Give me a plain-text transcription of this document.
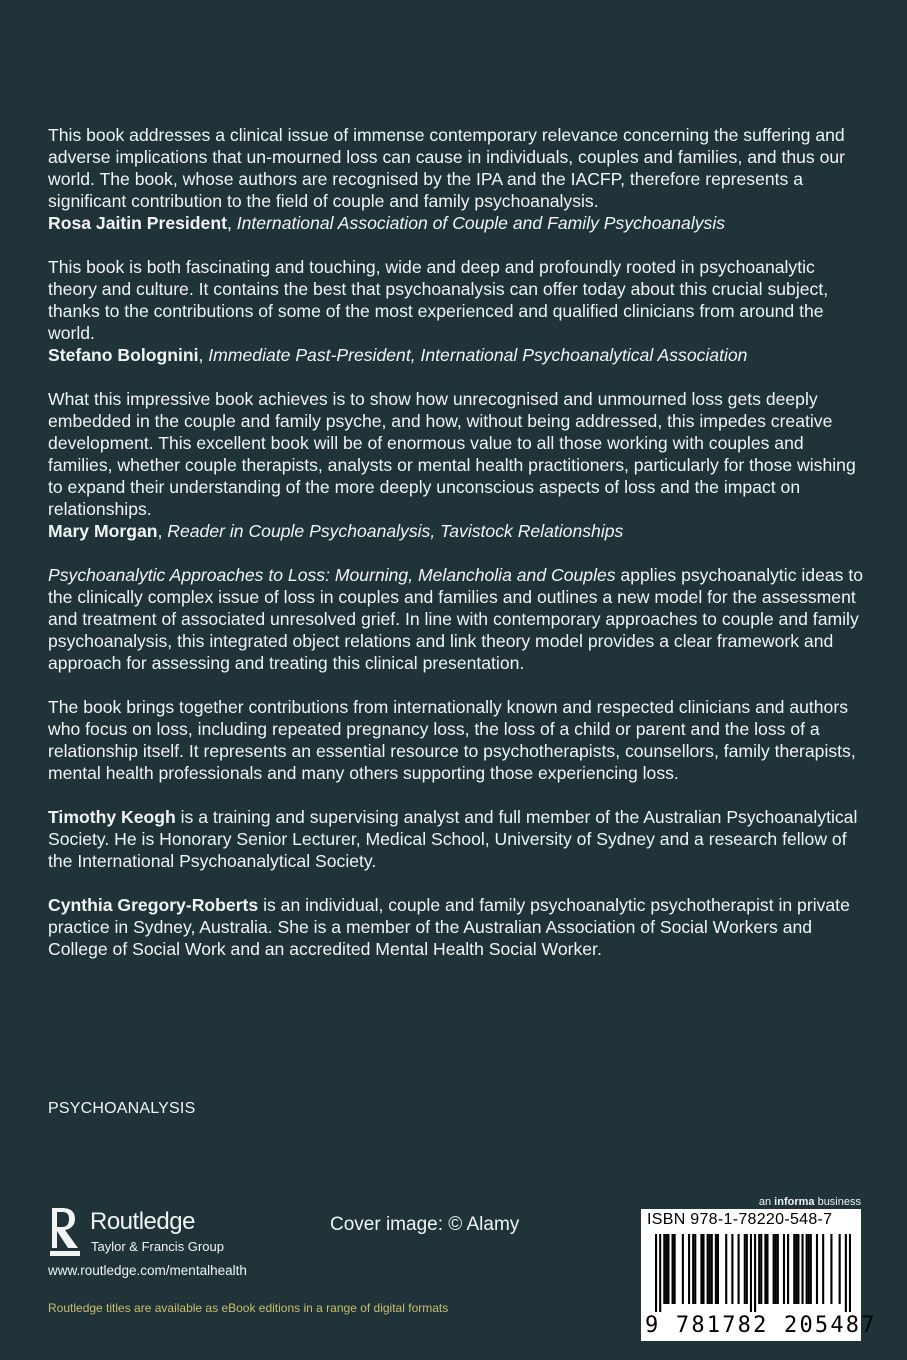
This book addresses a clinical issue of immense contemporary relevance concerning the suffering and adverse implications that un-mourned loss can cause in individuals, couples and families, and thus our world. The book, whose authors are recognised by the IPA and the IACFP, therefore represents a significant contribution to the field of couple and family psychoanalysis.
Rosa Jaitin President, International Association of Couple and Family Psychoanalysis

This book is both fascinating and touching, wide and deep and profoundly rooted in psychoanalytic theory and culture. It contains the best that psychoanalysis can offer today about this crucial subject, thanks to the contributions of some of the most experienced and qualified clinicians from around the world.
Stefano Bolognini, Immediate Past-President, International Psychoanalytical Association

What this impressive book achieves is to show how unrecognised and unmourned loss gets deeply embedded in the couple and family psyche, and how, without being addressed, this impedes creative development. This excellent book will be of enormous value to all those working with couples and families, whether couple therapists, analysts or mental health practitioners, particularly for those wishing to expand their understanding of the more deeply unconscious aspects of loss and the impact on relationships.
Mary Morgan, Reader in Couple Psychoanalysis, Tavistock Relationships

Psychoanalytic Approaches to Loss: Mourning, Melancholia and Couples applies psychoanalytic ideas to the clinically complex issue of loss in couples and families and outlines a new model for the assessment and treatment of associated unresolved grief. In line with contemporary approaches to couple and family psychoanalysis, this integrated object relations and link theory model provides a clear framework and approach for assessing and treating this clinical presentation.

The book brings together contributions from internationally known and respected clinicians and authors who focus on loss, including repeated pregnancy loss, the loss of a child or parent and the loss of a relationship itself. It represents an essential resource to psychotherapists, counsellors, family therapists, mental health professionals and many others supporting those experiencing loss.

Timothy Keogh is a training and supervising analyst and full member of the Australian Psychoanalytical Society. He is Honorary Senior Lecturer, Medical School, University of Sydney and a research fellow of the International Psychoanalytical Society.

Cynthia Gregory-Roberts is an individual, couple and family psychoanalytic psychotherapist in private practice in Sydney, Australia. She is a member of the Australian Association of Social Workers and College of Social Work and an accredited Mental Health Social Worker.

PSYCHOANALYSIS
Routledge
Taylor & Francis Group
www.routledge.com/mentalhealth
Cover image: © Alamy
Routledge titles are available as eBook editions in a range of digital formats
an informa business
ISBN 978-1-78220-548-7
9 781782 205487
